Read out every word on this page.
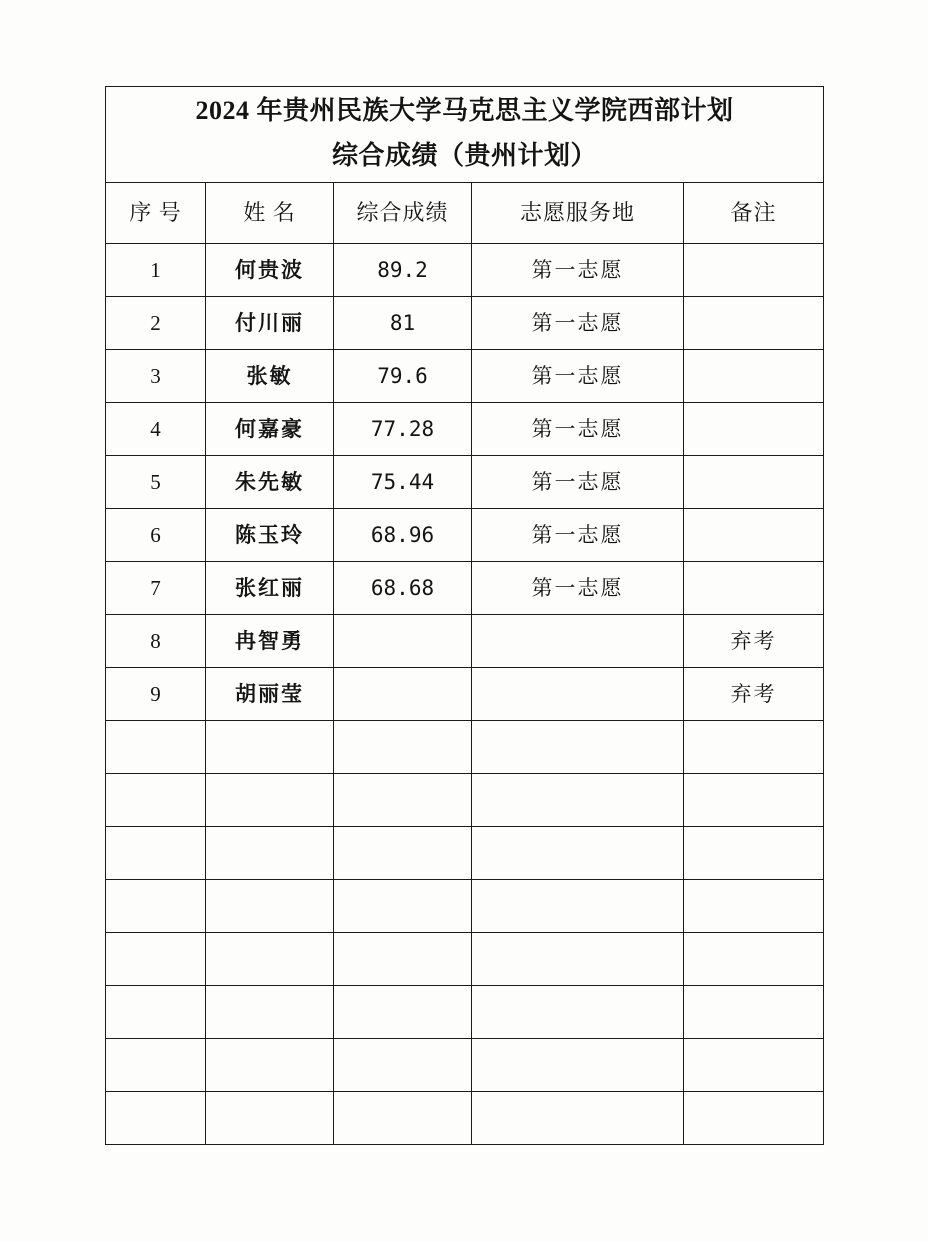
2024 年贵州民族大学马克思主义学院西部计划
综合成绩（贵州计划）				

序 号	姓 名	综合成绩	志愿服务地	备注
1	何贵波	89.2	第一志愿	
2	付川丽	81	第一志愿	
3	张敏	79.6	第一志愿	
4	何嘉豪	77.28	第一志愿	
5	朱先敏	75.44	第一志愿	
6	陈玉玲	68.96	第一志愿	
7	张红丽	68.68	第一志愿	
8	冉智勇			弃考
9	胡丽莹			弃考
